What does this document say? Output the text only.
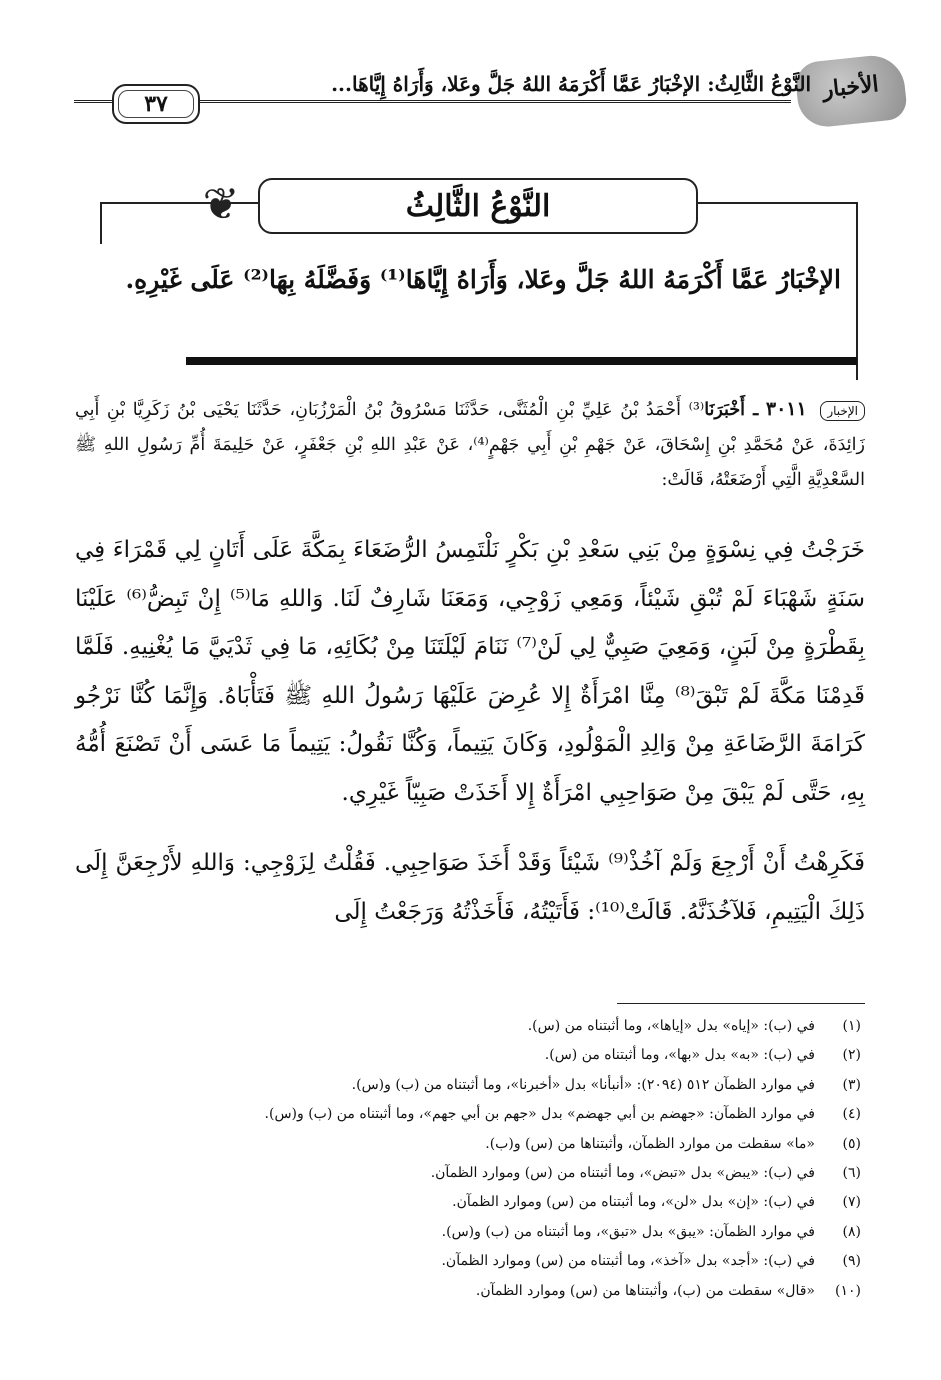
الأخبار
النَّوْعُ الثَّالِثُ: الإخْبَارُ عَمَّا أَكْرَمَهُ اللهُ جَلَّ وعَلا، وَأَرَاهُ إِيَّاهَا...
٣٧
❦	النَّوْعُ الثَّالِثُ
الإخْبَارُ عَمَّا أَكْرَمَهُ اللهُ جَلَّ وعَلا، وَأَرَاهُ إِيَّاهَا⁽¹⁾ وَفَضَّلَهُ بِهَا⁽²⁾ عَلَى غَيْرِهِ.
الإخبار ٣٠١١ ـ أَخْبَرَنَا⁽³⁾ أَحْمَدُ بْنُ عَلِيِّ بْنِ الْمُثَنَّى، حَدَّثَنَا مَسْرُوقُ بْنُ الْمَرْزُبَانِ، حَدَّثَنَا يَحْيَى بْنُ زَكَرِيَّا بْنِ أَبِي زَائِدَةَ، عَنْ مُحَمَّدِ بْنِ إِسْحَاقَ، عَنْ جَهْمِ بْنِ أَبِي جَهْمٍ⁽⁴⁾، عَنْ عَبْدِ اللهِ بْنِ جَعْفَرٍ، عَنْ حَلِيمَةَ أُمِّ رَسُولِ اللهِ ﷺ السَّعْدِيَّةِ الَّتِي أَرْضَعَتْهُ، قَالَتْ:

خَرَجْتُ فِي نِسْوَةٍ مِنْ بَنِي سَعْدِ بْنِ بَكْرٍ نَلْتَمِسُ الرُّضَعَاءَ بِمَكَّةَ عَلَى أَتَانٍ لِي قَمْرَاءَ فِي سَنَةٍ شَهْبَاءَ لَمْ تُبْقِ شَيْئاً، وَمَعِي زَوْجِي، وَمَعَنَا شَارِفٌ لَنَا. وَاللهِ مَا⁽⁵⁾ إِنْ تَبِضُّ⁽⁶⁾ عَلَيْنَا بِقَطْرَةٍ مِنْ لَبَنٍ، وَمَعِيَ صَبِيٌّ لِي لَنْ⁽⁷⁾ نَنَامَ لَيْلَتَنَا مِنْ بُكَائِهِ، مَا فِي ثَدْيَيَّ مَا يُغْنِيهِ. فَلَمَّا قَدِمْنَا مَكَّةَ لَمْ تَبْقَ⁽⁸⁾ مِنَّا امْرَأَةٌ إِلا عُرِضَ عَلَيْهَا رَسُولُ اللهِ ﷺ فَتَأْبَاهُ. وَإِنَّمَا كُنَّا نَرْجُو كَرَامَةَ الرَّضَاعَةِ مِنْ وَالِدِ الْمَوْلُودِ، وَكَانَ يَتِيماً، وَكُنَّا نَقُولُ: يَتِيماً مَا عَسَى أَنْ تَصْنَعَ أُمُّهُ بِهِ، حَتَّى لَمْ يَبْقَ مِنْ صَوَاحِبِي امْرَأَةٌ إِلا أَخَذَتْ صَبِيّاً غَيْرِي.

فَكَرِهْتُ أَنْ أَرْجِعَ وَلَمْ آخُذْ⁽⁹⁾ شَيْئاً وَقَدْ أَخَذَ صَوَاحِبِي. فَقُلْتُ لِزَوْجِي: وَاللهِ لأَرْجِعَنَّ إِلَى ذَلِكَ الْيَتِيمِ، فَلآخُذَنَّهُ. قَالَتْ⁽¹⁰⁾: فَأَتَيْتُهُ، فَأَخَذْتُهُ وَرَجَعْتُ إِلَى

(١)
في (ب): «إياه» بدل «إياها»، وما أثبتناه من (س).
(٢)
في (ب): «به» بدل «بها»، وما أثبتناه من (س).
(٣)
في موارد الظمآن ٥١٢ (٢٠٩٤): «أنبأنا» بدل «أخبرنا»، وما أثبتناه من (ب) و(س).
(٤)
في موارد الظمآن: «جهضم بن أبي جهضم» بدل «جهم بن أبي جهم»، وما أثبتناه من (ب) و(س).
(٥)
«ما» سقطت من موارد الظمآن، وأثبتناها من (س) و(ب).
(٦)
في (ب): «يبض» بدل «تبض»، وما أثبتناه من (س) وموارد الظمآن.
(٧)
في (ب): «إن» بدل «لن»، وما أثبتناه من (س) وموارد الظمآن.
(٨)
في موارد الظمآن: «يبق» بدل «تبق»، وما أثبتناه من (ب) و(س).
(٩)
في (ب): «أجد» بدل «آخذ»، وما أثبتناه من (س) وموارد الظمآن.
(١٠)
«قال» سقطت من (ب)، وأثبتناها من (س) وموارد الظمآن.
